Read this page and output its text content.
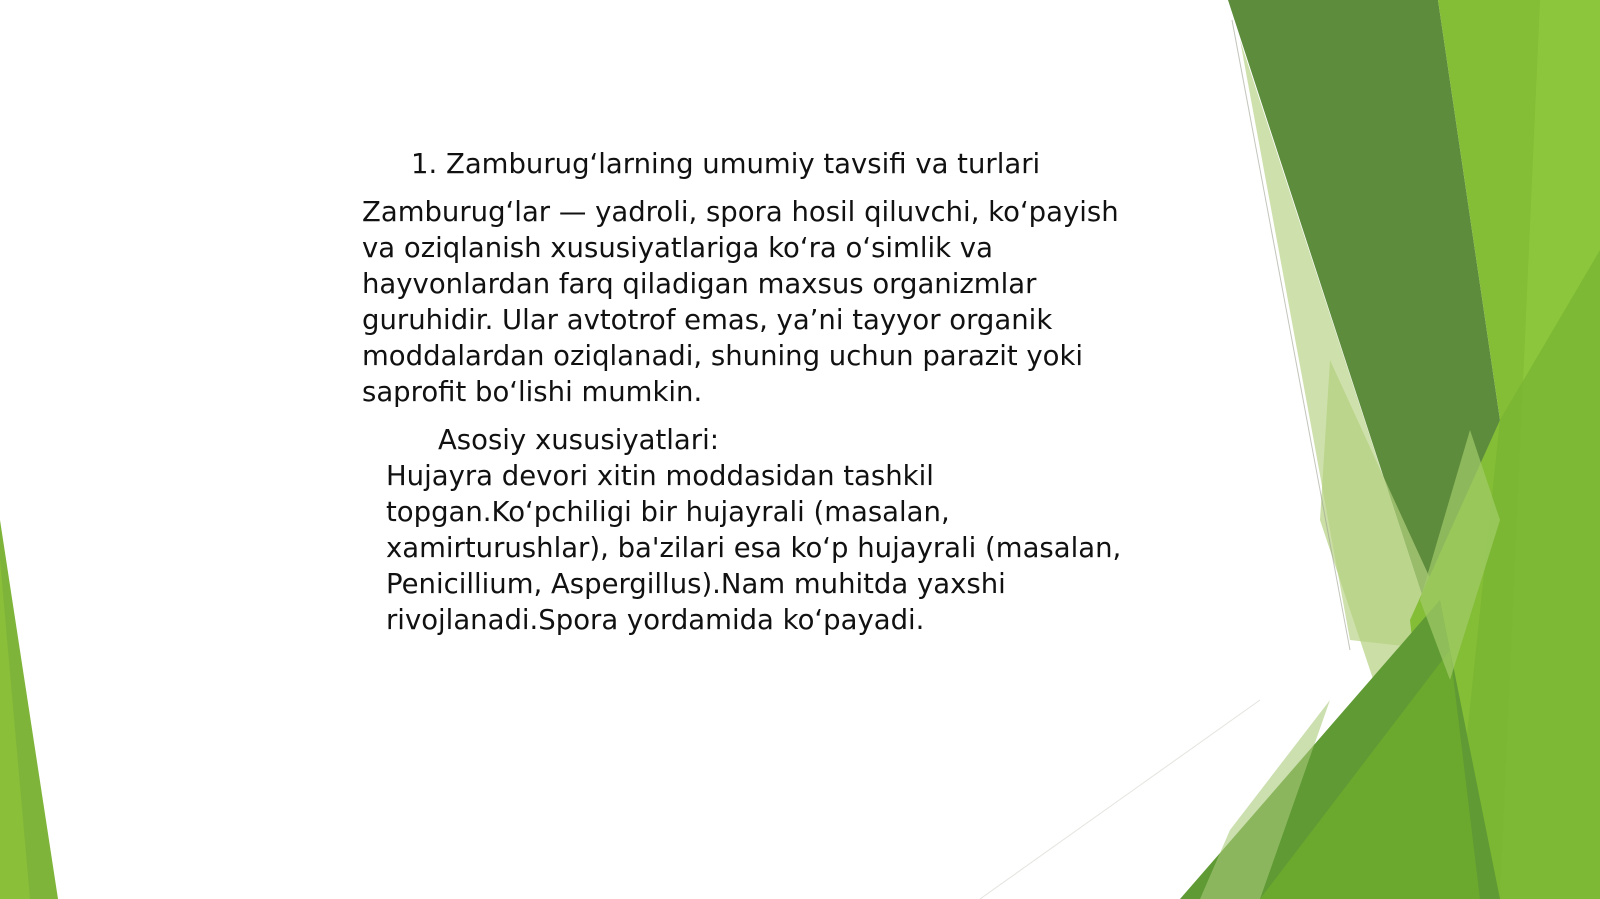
1. Zamburug‘larning umumiy tavsifi va turlari
Zamburug‘lar — yadroli, spora hosil qiluvchi, ko‘payish va oziqlanish xususiyatlariga ko‘ra o‘simlik va hayvonlardan farq qiladigan maxsus organizmlar guruhidir. Ular avtotrof emas, ya’ni tayyor organik moddalardan oziqlanadi, shuning uchun parazit yoki saprofit bo‘lishi mumkin.
Asosiy xususiyatlari:
Hujayra devori xitin moddasidan tashkil topgan.Ko‘pchiligi bir hujayrali (masalan, xamirturushlar), ba'zilari esa ko‘p hujayrali (masalan, Penicillium, Aspergillus).Nam muhitda yaxshi rivojlanadi.Spora yordamida ko‘payadi.
